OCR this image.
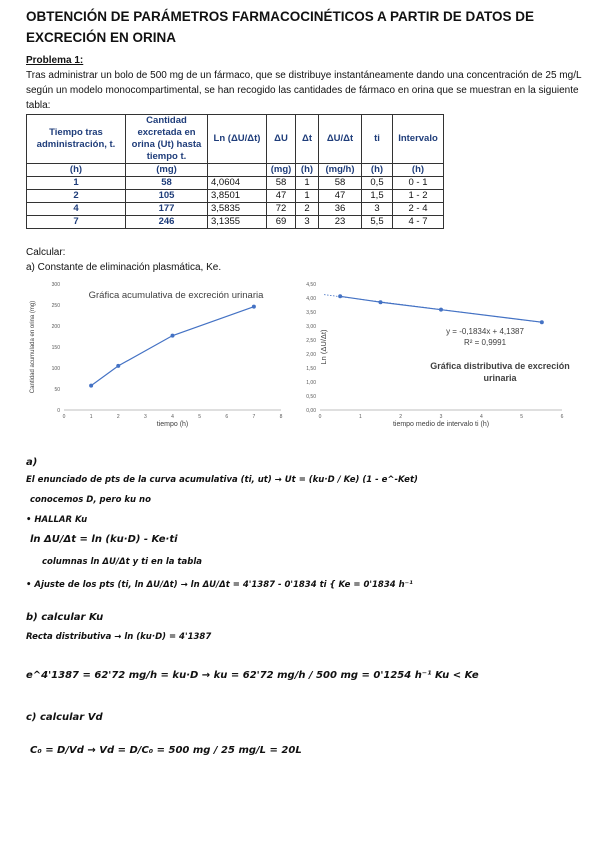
OBTENCIÓN DE PARÁMETROS FARMACOCINÉTICOS A PARTIR DE DATOS DE EXCRECIÓN EN ORINA
Problema 1:
Tras administrar un bolo de 500 mg de un fármaco, que se distribuye instantáneamente dando una concentración de 25 mg/L según un modelo monocompartimental, se han recogido las cantidades de fármaco en orina que se muestran en la siguiente tabla:
Tiempo tras administración, t.	Cantidad excretada en orina (Ut) hasta tiempo t.	Ln (ΔU/Δt)	ΔU	Δt	ΔU/Δt	ti	Intervalo
(h)	(mg)		(mg)	(h)	(mg/h)	(h)	(h)
1	58	4,0604	58	1	58	0,5	0 - 1
2	105	3,8501	47	1	47	1,5	1 - 2
4	177	3,5835	72	2	36	3	2 - 4
7	246	3,1355	69	3	23	5,5	4 - 7
Calcular:
a) Constante de eliminación plasmática, Ke.
0
50
100
150
200
250
300
0	1	2	3	4	5	6	7	8
Gráfica acumulativa de excreción urinaria
tiempo (h)
Cantidad acumulada en orina (mg)
0,00
0,50
1,00
1,50
2,00
2,50
3,00
3,50
4,00
4,50
0	1	2	3	4	5	6
Gráfica distributiva de excreción urinaria
tiempo medio de intervalo ti (h)
Ln (ΔU/Δt)	y = -0,1834x + 4,1387
R² = 0,9991
a)
El enunciado de pts de la curva acumulativa (ti, ut) → Ut = (ku·D / Ke) (1 - e^-Ket)
conocemos D, pero ku no
• HALLAR Ku
ln ΔU/Δt = ln (ku·D) - Ke·ti
columnas ln ΔU/Δt y ti en la tabla
• Ajuste de los pts (ti, ln ΔU/Δt) → ln ΔU/Δt = 4'1387 - 0'1834 ti { Ke = 0'1834 h⁻¹
b) calcular Ku
Recta distributiva → ln (ku·D) = 4'1387
e^4'1387 = 62'72 mg/h = ku·D → ku = 62'72 mg/h / 500 mg = 0'1254 h⁻¹ Ku < Ke
c) calcular Vd
C₀ = D/Vd → Vd = D/C₀ = 500 mg / 25 mg/L = 20L
